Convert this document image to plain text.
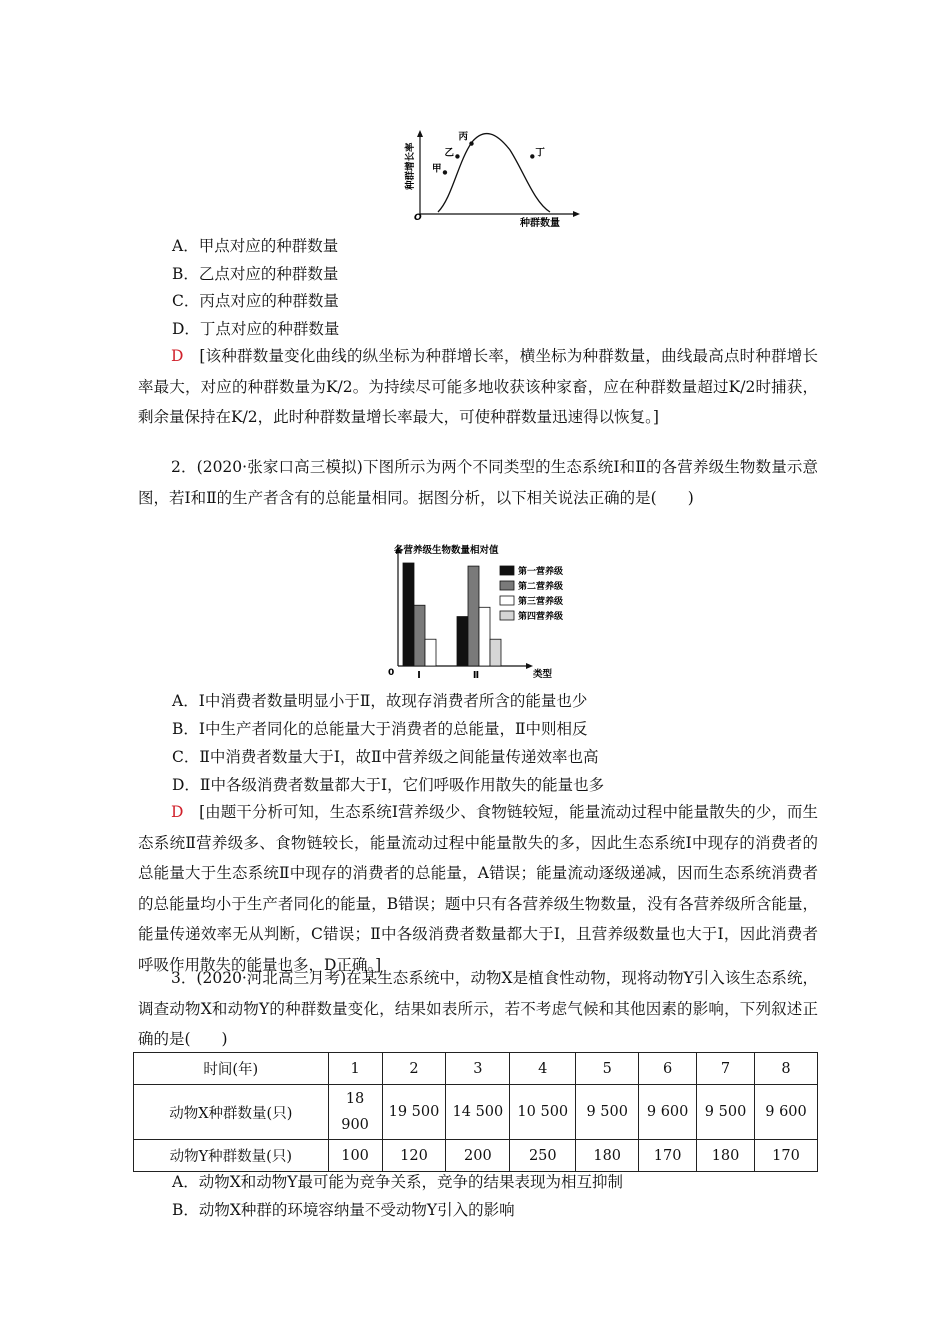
甲
乙
丙
丁
种群增长率
种群数量
O
A．甲点对应的种群数量
B．乙点对应的种群数量
C．丙点对应的种群数量
D．丁点对应的种群数量
D　 [该种群数量变化曲线的纵坐标为种群增长率，横坐标为种群数量，曲线最高点时种群增长率最大，对应的种群数量为K/2。为持续尽可能多地收获该种家畜，应在种群数量超过K/2时捕获，剩余量保持在K/2，此时种群数量增长率最大，可使种群数量迅速得以恢复。]
2．(2020·张家口高三模拟)下图所示为两个不同类型的生态系统Ⅰ和Ⅱ的各营养级生物数量示意图，若Ⅰ和Ⅱ的生产者含有的总能量相同。据图分析，以下相关说法正确的是(　　)
各营养级生物数量相对值
0	类型
Ⅰ	Ⅱ
第一营养级
第二营养级
第三营养级
第四营养级
A．Ⅰ中消费者数量明显小于Ⅱ，故现存消费者所含的能量也少
B．Ⅰ中生产者同化的总能量大于消费者的总能量，Ⅱ中则相反
C．Ⅱ中消费者数量大于Ⅰ，故Ⅱ中营养级之间能量传递效率也高
D．Ⅱ中各级消费者数量都大于Ⅰ，它们呼吸作用散失的能量也多
D　 [由题干分析可知，生态系统Ⅰ营养级少、食物链较短，能量流动过程中能量散失的少，而生态系统Ⅱ营养级多、食物链较长，能量流动过程中能量散失的多，因此生态系统Ⅰ中现存的消费者的总能量大于生态系统Ⅱ中现存的消费者的总能量，A错误；能量流动逐级递减，因而生态系统消费者的总能量均小于生产者同化的能量，B错误；题中只有各营养级生物数量，没有各营养级所含能量，能量传递效率无从判断，C错误；Ⅱ中各级消费者数量都大于Ⅰ，且营养级数量也大于Ⅰ，因此消费者呼吸作用散失的能量也多，D正确。]
3．(2020·河北高三月考)在某生态系统中，动物X是植食性动物，现将动物Y引入该生态系统，调查动物X和动物Y的种群数量变化，结果如表所示，若不考虑气候和其他因素的影响，下列叙述正确的是(　　)
时间(年)	1	2	3	4	5	6	7	8
动物X种群数量(只)	18 900	19 500	14 500	10 500	9 500	9 600	9 500	9 600
动物Y种群数量(只)	100	120	200	250	180	170	180	170
A．动物X和动物Y最可能为竞争关系，竞争的结果表现为相互抑制
B．动物X种群的环境容纳量不受动物Y引入的影响
